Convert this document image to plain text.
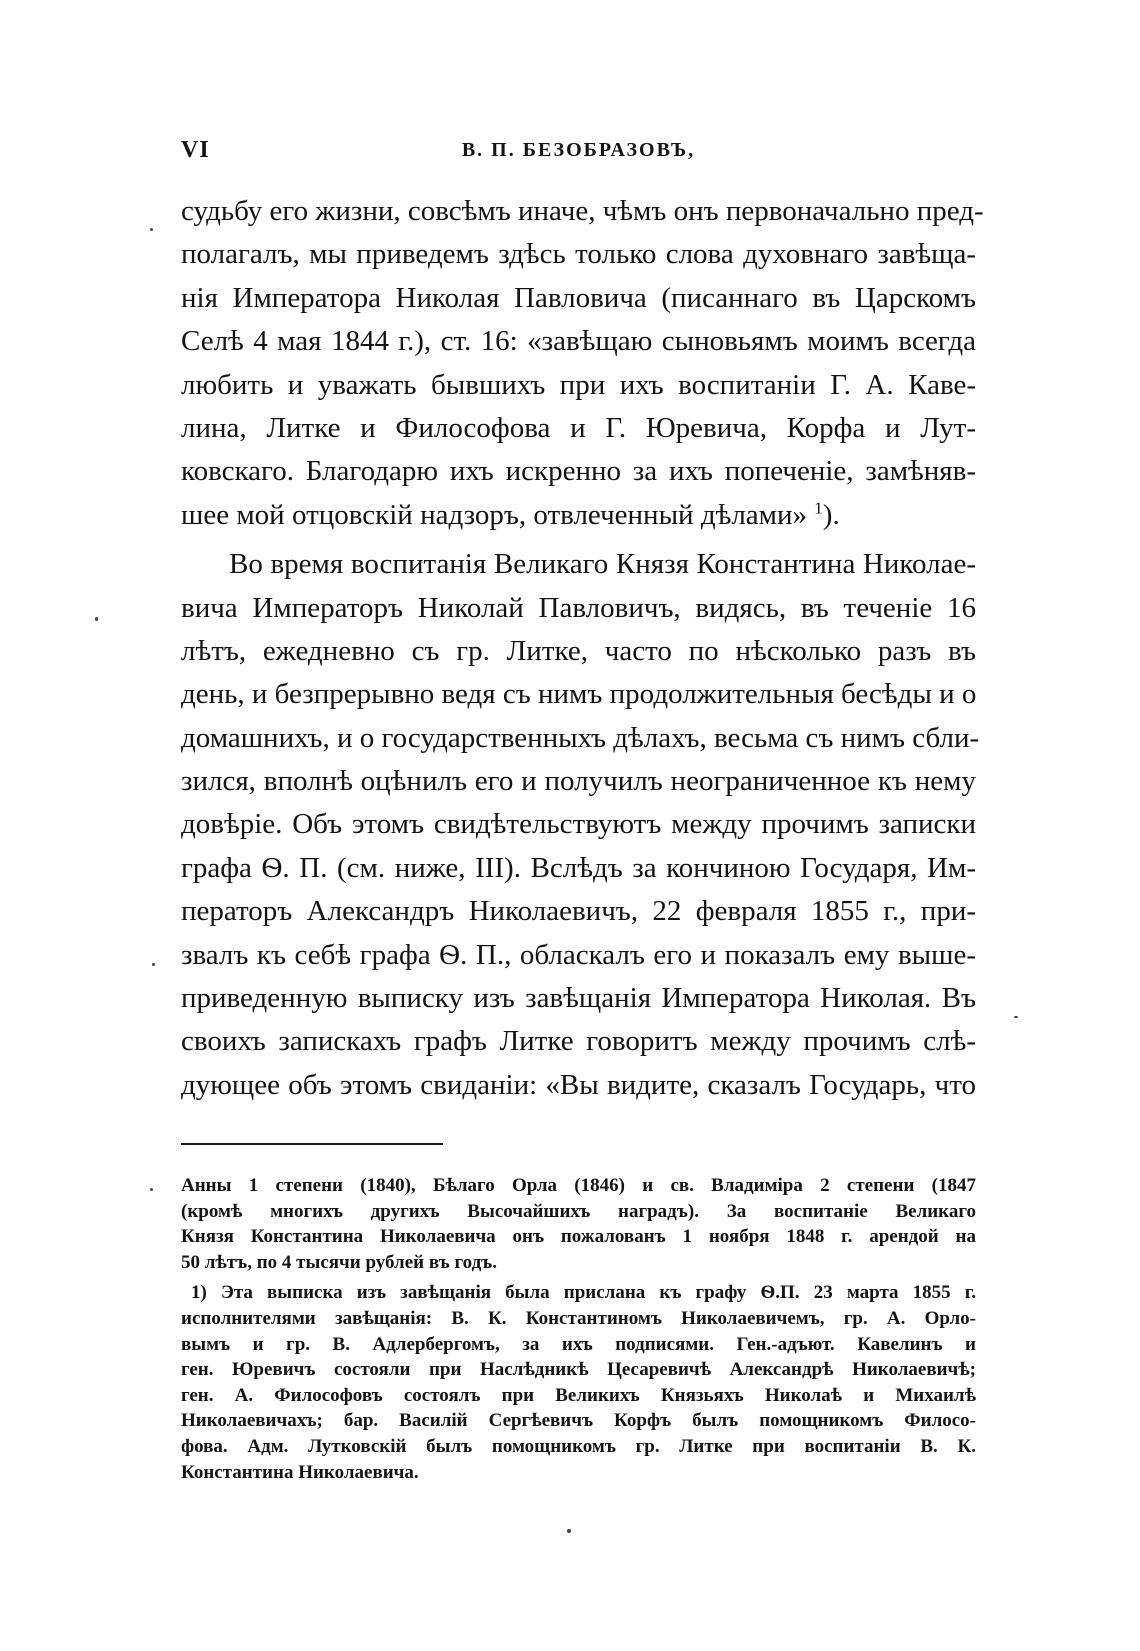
VI	В. П. БЕЗОБРАЗОВЪ,
судьбу его жизни, совсѣмъ иначе, чѣмъ онъ первоначально пред-
полагалъ, мы приведемъ здѣсь только слова духовнаго завѣща-
нія Императора Николая Павловича (писаннаго въ Царскомъ
Селѣ 4 мая 1844 г.), ст. 16: «завѣщаю сыновьямъ моимъ всегда
любить и уважать бывшихъ при ихъ воспитаніи Г. А. Каве-
лина, Литке и Философова и Г. Юревича, Корфа и Лут-
ковскаго. Благодарю ихъ искренно за ихъ попеченіе, замѣняв-
шее мой отцовскій надзоръ, отвлеченный дѣлами» $^1$).
Во время воспитанія Великаго Князя Константина Николае-
вича Императоръ Николай Павловичъ, видясь, въ теченіе 16
лѣтъ, ежедневно съ гр. Литке, часто по нѣсколько разъ въ
день, и безпрерывно ведя съ нимъ продолжительныя бесѣды и о
домашнихъ, и о государственныхъ дѣлахъ, весьма съ нимъ сбли-
зился, вполнѣ оцѣнилъ его и получилъ неограниченное къ нему
довѣріе. Объ этомъ свидѣтельствуютъ между прочимъ записки
графа Ѳ. П. (см. ниже, III). Вслѣдъ за кончиною Государя, Им-
ператоръ Александръ Николаевичъ, 22 февраля 1855 г., при-
звалъ къ себѣ графа Ѳ. П., обласкалъ его и показалъ ему выше-
приведенную выписку изъ завѣщанія Императора Николая. Въ
своихъ запискахъ графъ Литке говоритъ между прочимъ слѣ-
дующее объ этомъ свиданіи: «Вы видите, сказалъ Государь, что
Анны 1 степени (1840), Бѣлаго Орла (1846) и св. Владиміра 2 степени (1847
(кромѣ многихъ другихъ Высочайшихъ наградъ). За воспитаніе Великаго
Князя Константина Николаевича онъ пожалованъ 1 ноября 1848 г. арендой на
50 лѣтъ, по 4 тысячи рублей въ годъ.
1) Эта выписка изъ завѣщанія была прислана къ графу Ѳ.П. 23 марта 1855 г.
исполнителями завѣщанія: В. К. Константиномъ Николаевичемъ, гр. А. Орло-
вымъ и гр. В. Адлербергомъ, за ихъ подписями. Ген.-адъют. Кавелинъ и
ген. Юревичъ состояли при Наслѣдникѣ Цесаревичѣ Александрѣ Николаевичѣ;
ген. А. Философовъ состоялъ при Великихъ Князьяхъ Николаѣ и Михаилѣ
Николаевичахъ; бар. Василій Сергѣевичъ Корфъ былъ помощникомъ Филосо-
фова. Адм. Лутковскій былъ помощникомъ гр. Литке при воспитаніи В. К.
Константина Николаевича.
